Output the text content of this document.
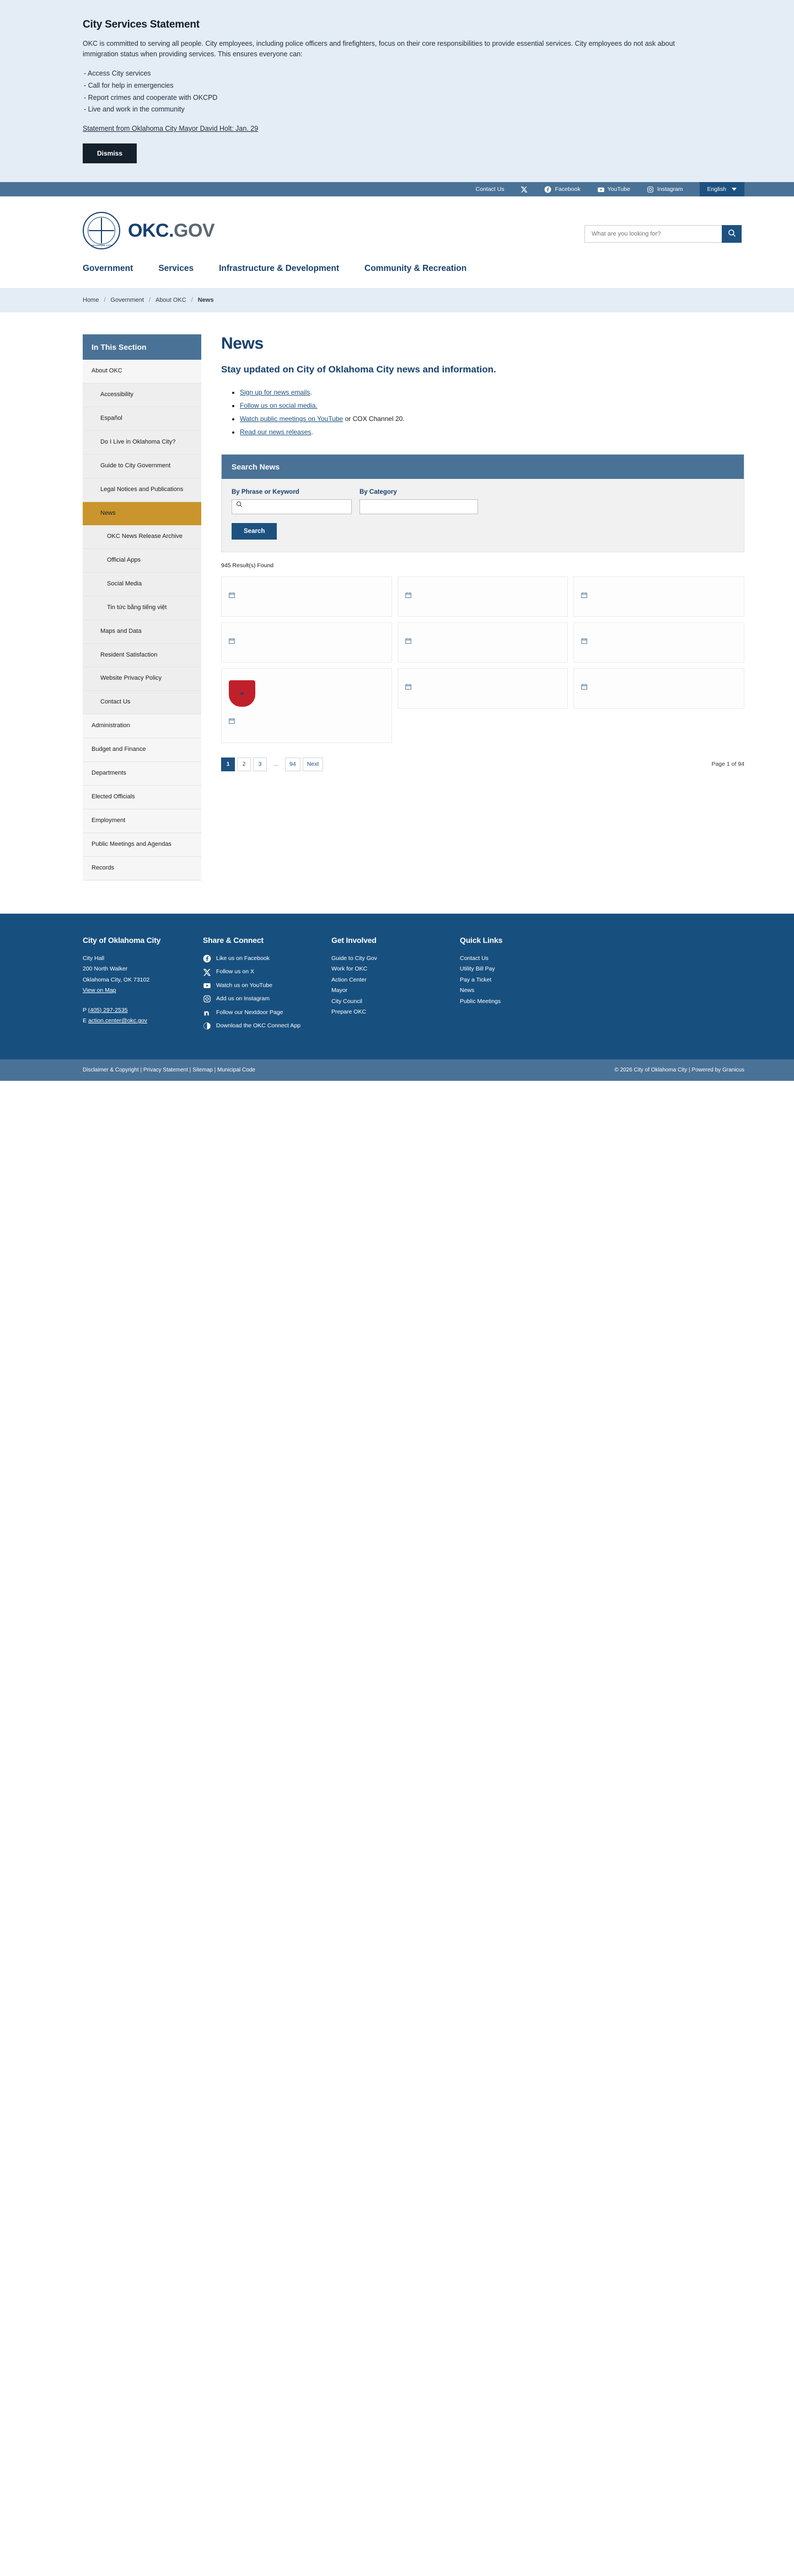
City Services Statement
OKC is committed to serving all people. City employees, including police officers and firefighters, focus on their core responsibilities to provide essential services. City employees do not ask about immigration status when providing services. This ensures everyone can:
- Access City services
- Call for help in emergencies
- Report crimes and cooperate with OKCPD
- Live and work in the community
Statement from Oklahoma City Mayor David Holt: Jan. 29
Dismiss
Contact Us	Facebook	YouTube	Instagram	English
OKLAHOMA CITY
OKC.GOV
What are you looking for?
Government	Services	Infrastructure & Development	Community & Recreation
Home / Government / About OKC / News
In This Section
About OKC
Accessibility
Español
Do I Live in Oklahoma City?
Guide to City Government
Legal Notices and Publications
News
OKC News Release Archive
Official Apps
Social Media
Tin tức bằng tiếng việt
Maps and Data
Resident Satisfaction
Website Privacy Policy
Contact Us
Administration
Budget and Finance
Departments
Elected Officials
Employment
Public Meetings and Agendas
Records
News
Stay updated on City of Oklahoma City news and information.
• Sign up for news emails.
• Follow us on social media.
• Watch public meetings on YouTube or COX Channel 20.
• Read our news releases.
Search News
By Phrase or Keyword	By Category
Search
945 Result(s) Found

1 2 3 ... 94 Next	Page 1 of 94
City of Oklahoma City

City Hall

200 North Walker

Oklahoma City, OK 73102

View on Map

P (405) 297-2535

E action.center@okc.gov

Share & Connect
Like us on Facebook
Follow us on X
Watch us on YouTube
Add us on Instagram
Follow our Nextdoor Page
Download the OKC Connect App
Get Involved
Guide to City Gov
Work for OKC
Action Center
Mayor
City Council
Prepare OKC
Quick Links
Contact Us
Utility Bill Pay
Pay a Ticket
News
Public Meetings
Disclaimer & Copyright | Privacy Statement | Sitemap | Municipal Code	© 2026 City of Oklahoma City | Powered by Granicus
